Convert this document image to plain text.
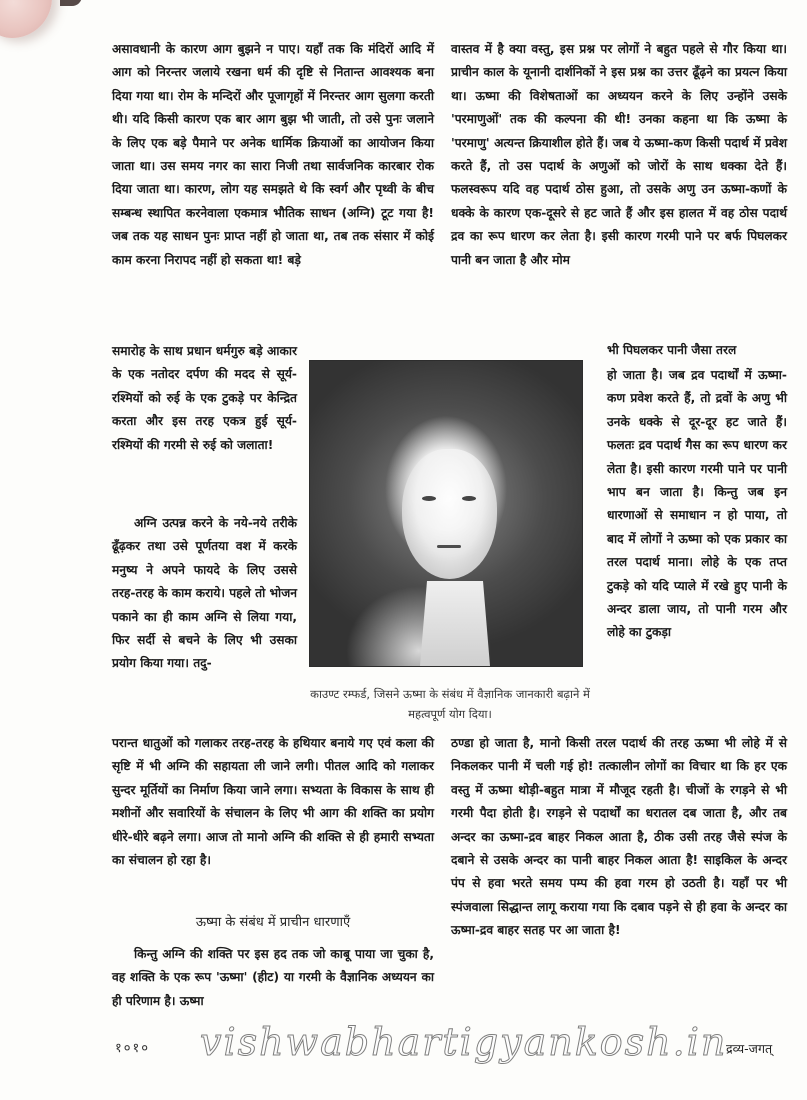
असावधानी के कारण आग बुझने न पाए। यहाँ तक कि मंदिरों आदि में आग को निरन्तर जलाये रखना धर्म की दृष्टि से नितान्त आवश्यक बना दिया गया था। रोम के मन्दिरों और पूजागृहों में निरन्तर आग सुलगा करती थी। यदि किसी कारण एक बार आग बुझ भी जाती, तो उसे पुनः जलाने के लिए एक बड़े पैमाने पर अनेक धार्मिक क्रियाओं का आयोजन किया जाता था। उस समय नगर का सारा निजी तथा सार्वजनिक कारबार रोक दिया जाता था। कारण, लोग यह समझते थे कि स्वर्ग और पृथ्वी के बीच सम्बन्ध स्थापित करनेवाला एकमात्र भौतिक साधन (अग्नि) टूट गया है! जब तक यह साधन पुनः प्राप्त नहीं हो जाता था, तब तक संसार में कोई काम करना निरापद नहीं हो सकता था! बड़े

समारोह के साथ प्रधान धर्मगुरु बड़े आकार के एक नतोदर दर्पण की मदद से सूर्य-रश्मियों को रुई के एक टुकड़े पर केन्द्रित करता और इस तरह एकत्र हुई सूर्य-रश्मियों की गरमी से रुई को जलाता!

अग्नि उत्पन्न करने के नये-नये तरीके ढूँढ़कर तथा उसे पूर्णतया वश में करके मनुष्य ने अपने फायदे के लिए उससे तरह-तरह के काम कराये। पहले तो भोजन पकाने का ही काम अग्नि से लिया गया, फिर सर्दी से बचने के लिए भी उसका प्रयोग किया गया। तदु-

काउण्ट रम्फर्ड, जिसने ऊष्मा के संबंध में वैज्ञानिक जानकारी बढ़ाने में महत्वपूर्ण योग दिया।

परान्त धातुओं को गलाकर तरह-तरह के हथियार बनाये गए एवं कला की सृष्टि में भी अग्नि की सहायता ली जाने लगी। पीतल आदि को गलाकर सुन्दर मूर्तियों का निर्माण किया जाने लगा। सभ्यता के विकास के साथ ही मशीनों और सवारियों के संचालन के लिए भी आग की शक्ति का प्रयोग धीरे-धीरे बढ़ने लगा। आज तो मानो अग्नि की शक्ति से ही हमारी सभ्यता का संचालन हो रहा है।

ऊष्मा के संबंध में प्राचीन धारणाएँ

किन्तु अग्नि की शक्ति पर इस हद तक जो काबू पाया जा चुका है, वह शक्ति के एक रूप 'ऊष्मा' (हीट) या गरमी के वैज्ञानिक अध्ययन का ही परिणाम है। ऊष्मा

वास्तव में है क्या वस्तु, इस प्रश्न पर लोगों ने बहुत पहले से गौर किया था। प्राचीन काल के यूनानी दार्शनिकों ने इस प्रश्न का उत्तर ढूँढ़ने का प्रयत्न किया था। ऊष्मा की विशेषताओं का अध्ययन करने के लिए उन्होंने उसके 'परमाणुओं' तक की कल्पना की थी! उनका कहना था कि ऊष्मा के 'परमाणु' अत्यन्त क्रियाशील होते हैं। जब ये ऊष्मा-कण किसी पदार्थ में प्रवेश करते हैं, तो उस पदार्थ के अणुओं को जोरों के साथ धक्का देते हैं। फलस्वरूप यदि वह पदार्थ ठोस हुआ, तो उसके अणु उन ऊष्मा-कणों के धक्के के कारण एक-दूसरे से हट जाते हैं और इस हालत में वह ठोस पदार्थ द्रव का रूप धारण कर लेता है। इसी कारण गरमी पाने पर बर्फ पिघलकर पानी बन जाता है और मोम

भी पिघलकर पानी जैसा तरल

हो जाता है। जब द्रव पदार्थों में ऊष्मा-कण प्रवेश करते हैं, तो द्रवों के अणु भी उनके धक्के से दूर-दूर हट जाते हैं। फलतः द्रव पदार्थ गैस का रूप धारण कर लेता है। इसी कारण गरमी पाने पर पानी भाप बन जाता है। किन्तु जब इन धारणाओं से समाधान न हो पाया, तो बाद में लोगों ने ऊष्मा को एक प्रकार का तरल पदार्थ माना। लोहे के एक तप्त टुकड़े को यदि प्याले में रखे हुए पानी के अन्दर डाला जाय, तो पानी गरम और लोहे का टुकड़ा

ठण्डा हो जाता है, मानो किसी तरल पदार्थ की तरह ऊष्मा भी लोहे में से निकलकर पानी में चली गई हो! तत्कालीन लोगों का विचार था कि हर एक वस्तु में ऊष्मा थोड़ी-बहुत मात्रा में मौजूद रहती है। चीजों के रगड़ने से भी गरमी पैदा होती है। रगड़ने से पदार्थों का धरातल दब जाता है, और तब अन्दर का ऊष्मा-द्रव बाहर निकल आता है, ठीक उसी तरह जैसे स्पंज के दबाने से उसके अन्दर का पानी बाहर निकल आता है! साइकिल के अन्दर पंप से हवा भरते समय पम्प की हवा गरम हो उठती है। यहाँ पर भी स्पंजवाला सिद्धान्त लागू कराया गया कि दबाव पड़ने से ही हवा के अन्दर का ऊष्मा-द्रव बाहर सतह पर आ जाता है!

१०१० vishwabhartigyankosh.in
द्रव्य-जगत्
